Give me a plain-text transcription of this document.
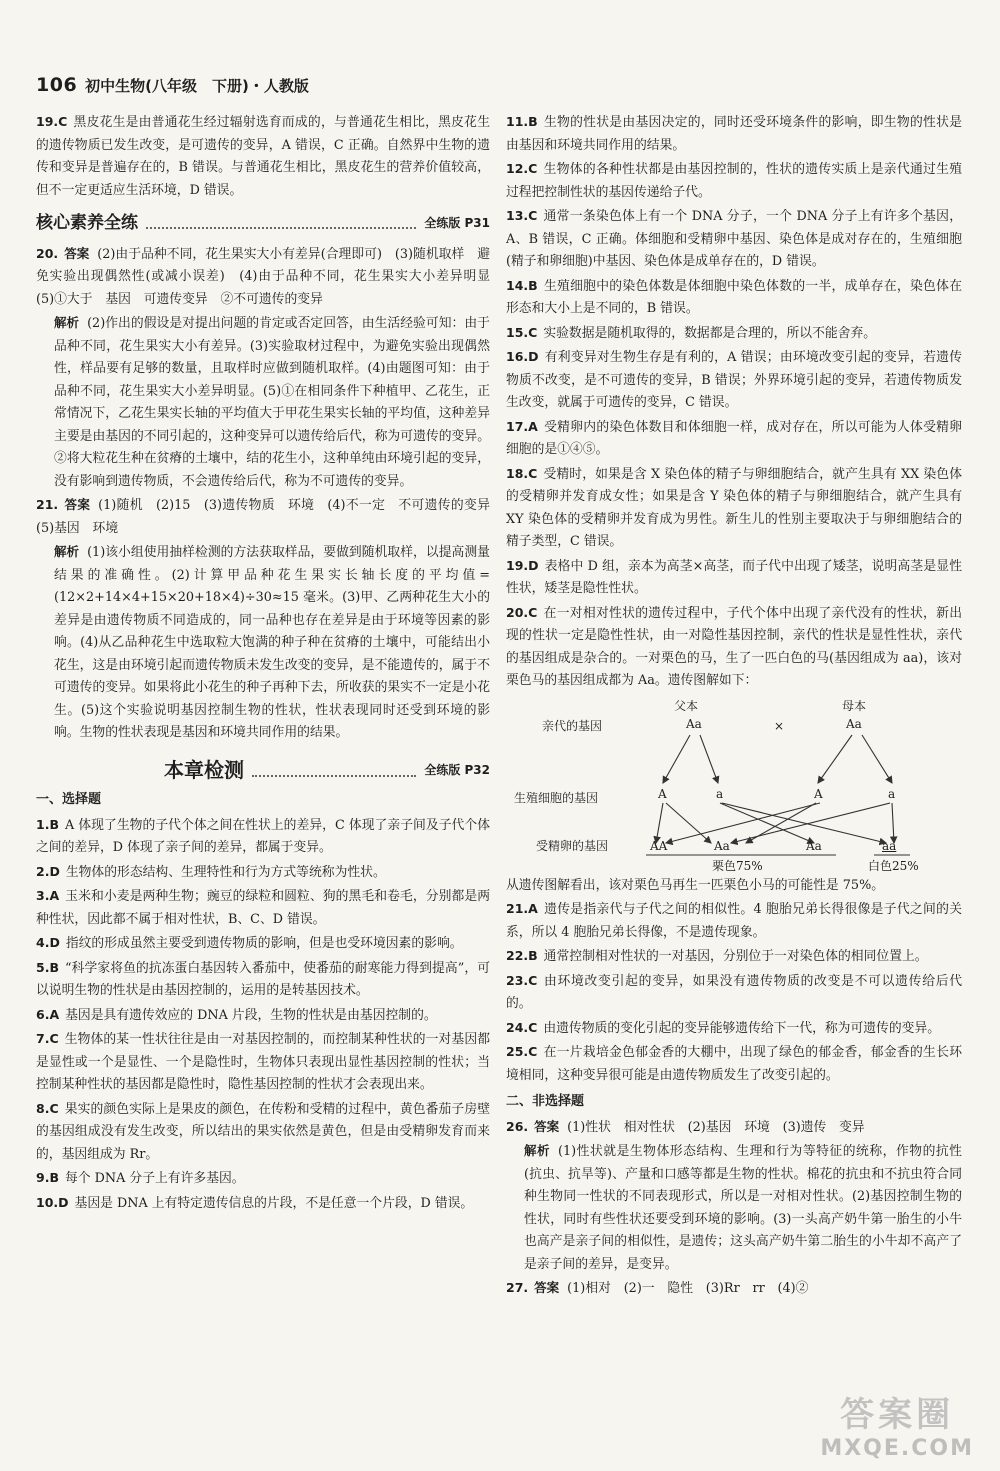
106 初中生物(八年级　下册)・人教版

19.C 黑皮花生是由普通花生经过辐射选育而成的，与普通花生相比，黑皮花生的遗传物质已发生改变，是可遗传的变异，A 错误，C 正确。自然界中生物的遗传和变异是普遍存在的，B 错误。与普通花生相比，黑皮花生的营养价值较高，但不一定更适应生活环境，D 错误。

核心素养全练	全练版 P31

20. 答案 (2)由于品种不同，花生果实大小有差异(合理即可)　(3)随机取样　避免实验出现偶然性(或减小误差)　(4)由于品种不同，花生果实大小差异明显　(5)①大于　基因　可遗传变异　②不可遗传的变异

解析 (2)作出的假设是对提出问题的肯定或否定回答，由生活经验可知：由于品种不同，花生果实大小有差异。(3)实验取材过程中，为避免实验出现偶然性，样品要有足够的数量，且取样时应做到随机取样。(4)由题图可知：由于品种不同，花生果实大小差异明显。(5)①在相同条件下种植甲、乙花生，正常情况下，乙花生果实长轴的平均值大于甲花生果实长轴的平均值，这种差异主要是由基因的不同引起的，这种变异可以遗传给后代，称为可遗传的变异。②将大粒花生种在贫瘠的土壤中，结的花生小，这种单纯由环境引起的变异，没有影响到遗传物质，不会遗传给后代，称为不可遗传的变异。

21. 答案 (1)随机　(2)15　(3)遗传物质　环境　(4)不一定　不可遗传的变异　(5)基因　环境

解析 (1)该小组使用抽样检测的方法获取样品，要做到随机取样，以提高测量结果的准确性。(2)计算甲品种花生果实长轴长度的平均值=(12×2+14×4+15×20+18×4)÷30≈15 毫米。(3)甲、乙两种花生大小的差异是由遗传物质不同造成的，同一品种也存在差异是由于环境等因素的影响。(4)从乙品种花生中选取粒大饱满的种子种在贫瘠的土壤中，可能结出小花生，这是由环境引起而遗传物质未发生改变的变异，是不能遗传的，属于不可遗传的变异。如果将此小花生的种子再种下去，所收获的果实不一定是小花生。(5)这个实验说明基因控制生物的性状，性状表现同时还受到环境的影响。生物的性状表现是基因和环境共同作用的结果。

本章检测	全练版 P32
一、选择题

1.B A 体现了生物的子代个体之间在性状上的差异，C 体现了亲子间及子代个体之间的差异，D 体现了亲子间的差异，都属于变异。

2.D 生物体的形态结构、生理特性和行为方式等统称为性状。

3.A 玉米和小麦是两种生物；豌豆的绿粒和圆粒、狗的黑毛和卷毛，分别都是两种性状，因此都不属于相对性状，B、C、D 错误。

4.D 指纹的形成虽然主要受到遗传物质的影响，但是也受环境因素的影响。

5.B “科学家将鱼的抗冻蛋白基因转入番茄中，使番茄的耐寒能力得到提高”，可以说明生物的性状是由基因控制的，运用的是转基因技术。

6.A 基因是具有遗传效应的 DNA 片段，生物的性状是由基因控制的。

7.C 生物体的某一性状往往是由一对基因控制的，而控制某种性状的一对基因都是显性或一个是显性、一个是隐性时，生物体只表现出显性基因控制的性状；当控制某种性状的基因都是隐性时，隐性基因控制的性状才会表现出来。

8.C 果实的颜色实际上是果皮的颜色，在传粉和受精的过程中，黄色番茄子房壁的基因组成没有发生改变，所以结出的果实依然是黄色，但是由受精卵发育而来的，基因组成为 Rr。

9.B 每个 DNA 分子上有许多基因。

10.D 基因是 DNA 上有特定遗传信息的片段，不是任意一个片段，D 错误。

11.B 生物的性状是由基因决定的，同时还受环境条件的影响，即生物的性状是由基因和环境共同作用的结果。

12.C 生物体的各种性状都是由基因控制的，性状的遗传实质上是亲代通过生殖过程把控制性状的基因传递给子代。

13.C 通常一条染色体上有一个 DNA 分子，一个 DNA 分子上有许多个基因，A、B 错误，C 正确。体细胞和受精卵中基因、染色体是成对存在的，生殖细胞(精子和卵细胞)中基因、染色体是成单存在的，D 错误。

14.B 生殖细胞中的染色体数是体细胞中染色体数的一半，成单存在，染色体在形态和大小上是不同的，B 错误。

15.C 实验数据是随机取得的，数据都是合理的，所以不能舍弃。

16.D 有利变异对生物生存是有利的，A 错误；由环境改变引起的变异，若遗传物质不改变，是不可遗传的变异，B 错误；外界环境引起的变异，若遗传物质发生改变，就属于可遗传的变异，C 错误。

17.A 受精卵内的染色体数目和体细胞一样，成对存在，所以可能为人体受精卵细胞的是①④⑤。

18.C 受精时，如果是含 X 染色体的精子与卵细胞结合，就产生具有 XX 染色体的受精卵并发育成女性；如果是含 Y 染色体的精子与卵细胞结合，就产生具有 XY 染色体的受精卵并发育成为男性。新生儿的性别主要取决于与卵细胞结合的精子类型，C 错误。

19.D 表格中 D 组，亲本为高茎×高茎，而子代中出现了矮茎，说明高茎是显性性状，矮茎是隐性性状。

20.C 在一对相对性状的遗传过程中，子代个体中出现了亲代没有的性状，新出现的性状一定是隐性性状，由一对隐性基因控制，亲代的性状是显性性状，亲代的基因组成是杂合的。一对栗色的马，生了一匹白色的马(基因组成为 aa)，该对栗色马的基因组成都为 Aa。遗传图解如下：

父本	母本
亲代的基因	Aa	×	Aa
生殖细胞的基因	A	a	A	a
受精卵的基因	AA	Aa	Aa	aa
栗色75%	白色25%

从遗传图解看出，该对栗色马再生一匹栗色小马的可能性是 75%。

21.A 遗传是指亲代与子代之间的相似性。4 胞胎兄弟长得很像是子代之间的关系，所以 4 胞胎兄弟长得像，不是遗传现象。

22.B 通常控制相对性状的一对基因，分别位于一对染色体的相同位置上。

23.C 由环境改变引起的变异，如果没有遗传物质的改变是不可以遗传给后代的。

24.C 由遗传物质的变化引起的变异能够遗传给下一代，称为可遗传的变异。

25.C 在一片栽培金色郁金香的大棚中，出现了绿色的郁金香，郁金香的生长环境相同，这种变异很可能是由遗传物质发生了改变引起的。

二、非选择题

26. 答案 (1)性状　相对性状　(2)基因　环境　(3)遗传　变异

解析 (1)性状就是生物体形态结构、生理和行为等特征的统称，作物的抗性(抗虫、抗旱等)、产量和口感等都是生物的性状。棉花的抗虫和不抗虫符合同种生物同一性状的不同表现形式，所以是一对相对性状。(2)基因控制生物的性状，同时有些性状还要受到环境的影响。(3)一头高产奶牛第一胎生的小牛也高产是亲子间的相似性，是遗传；这头高产奶牛第二胎生的小牛却不高产了是亲子间的差异，是变异。

27. 答案 (1)相对　(2)一　隐性　(3)Rr　rr　(4)②

答案圈
MXQE.COM
